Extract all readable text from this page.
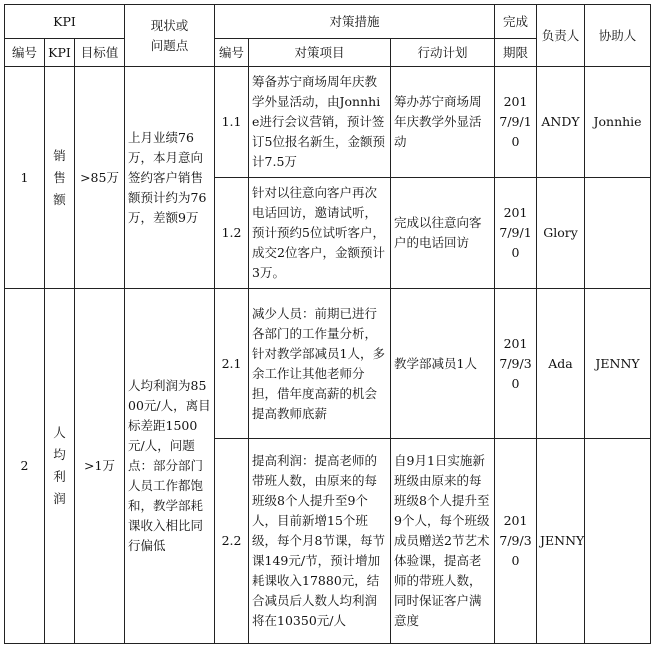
KPI			现状或
问题点	对策措施			完成	负责人	协助人
编号	KPI	目标值		编号	对策项目	行动计划	期限		
1	销售额	>85万	上月业绩76万，本月意向签约客户销售额预计约为76万，差额9万	1.1	筹备苏宁商场周年庆教学外显活动，由Jonnhie进行会议营销，预计签订5位报名新生，金额预计7.5万	筹办苏宁商场周年庆教学外显活动	2017/9/10	ANDY	Jonnhie
				1.2	针对以往意向客户再次电话回访，邀请试听，预计预约5位试听客户，成交2位客户，金额预计3万。	完成以往意向客户的电话回访	2017/9/10	Glory	
2	人均利润	>1万	人均利润为8500元/人，离目标差距1500元/人，问题点：部分部门人员工作都饱和，教学部耗课收入相比同行偏低	2.1	减少人员：前期已进行各部门的工作量分析，针对教学部减员1人，多余工作让其他老师分担，借年度高薪的机会提高教师底薪	教学部减员1人	2017/9/30	Ada	JENNY
				2.2	提高利润：提高老师的带班人数，由原来的每班级8个人提升至9个人，目前新增15个班级，每个月8节课，每节课149元/节，预计增加耗课收入17880元，结合减员后人数人均利润将在10350元/人	自9月1日实施新班级由原来的每班级8个人提升至9个人，每个班级成员赠送2节艺术体验课，提高老师的带班人数，同时保证客户满意度	2017/9/30	JENNY	
